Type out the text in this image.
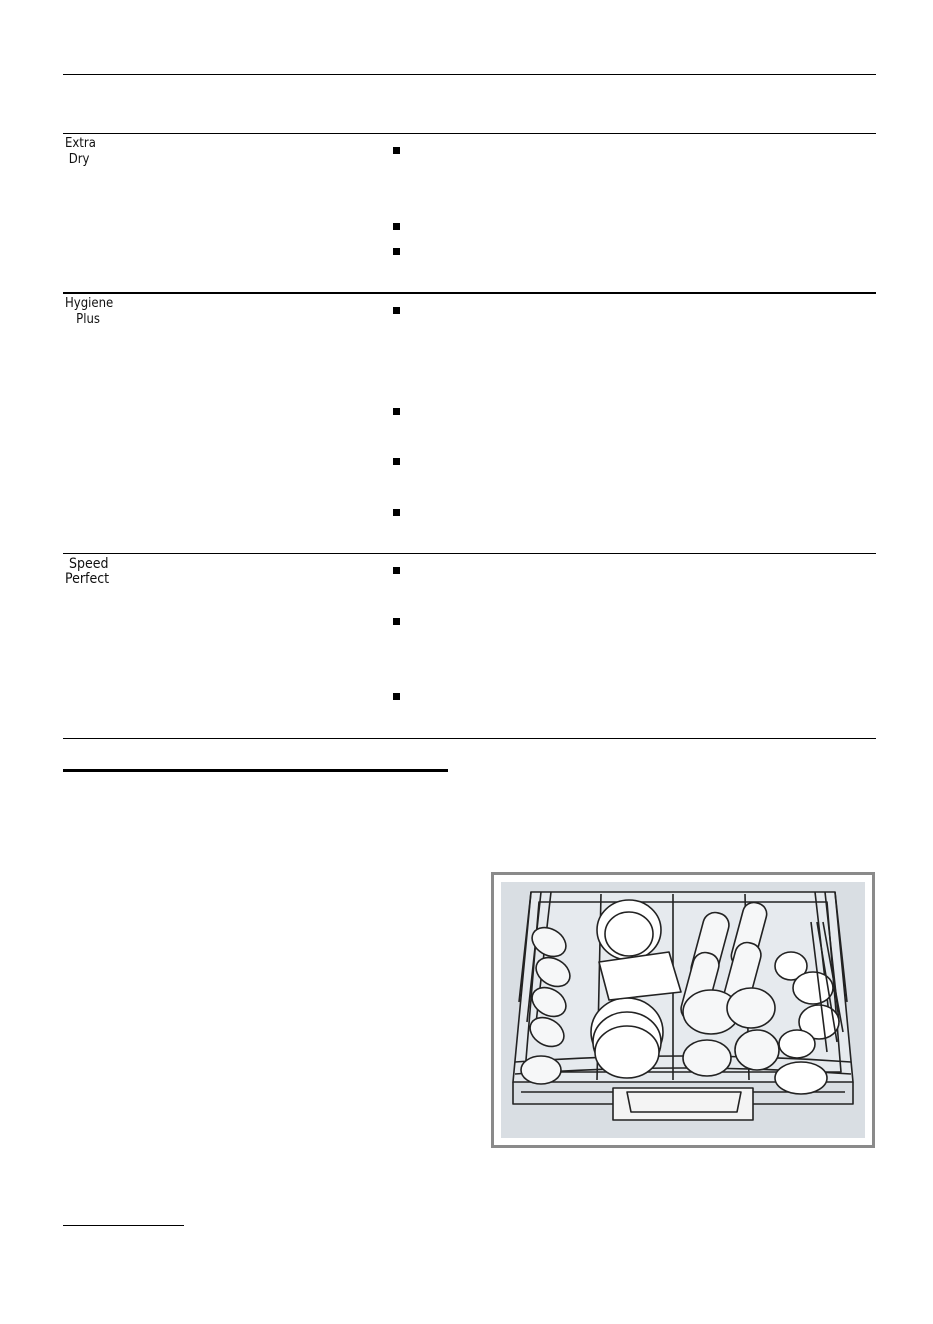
Extra
Dry
Hygiene
Plus
Speed
Perfect
